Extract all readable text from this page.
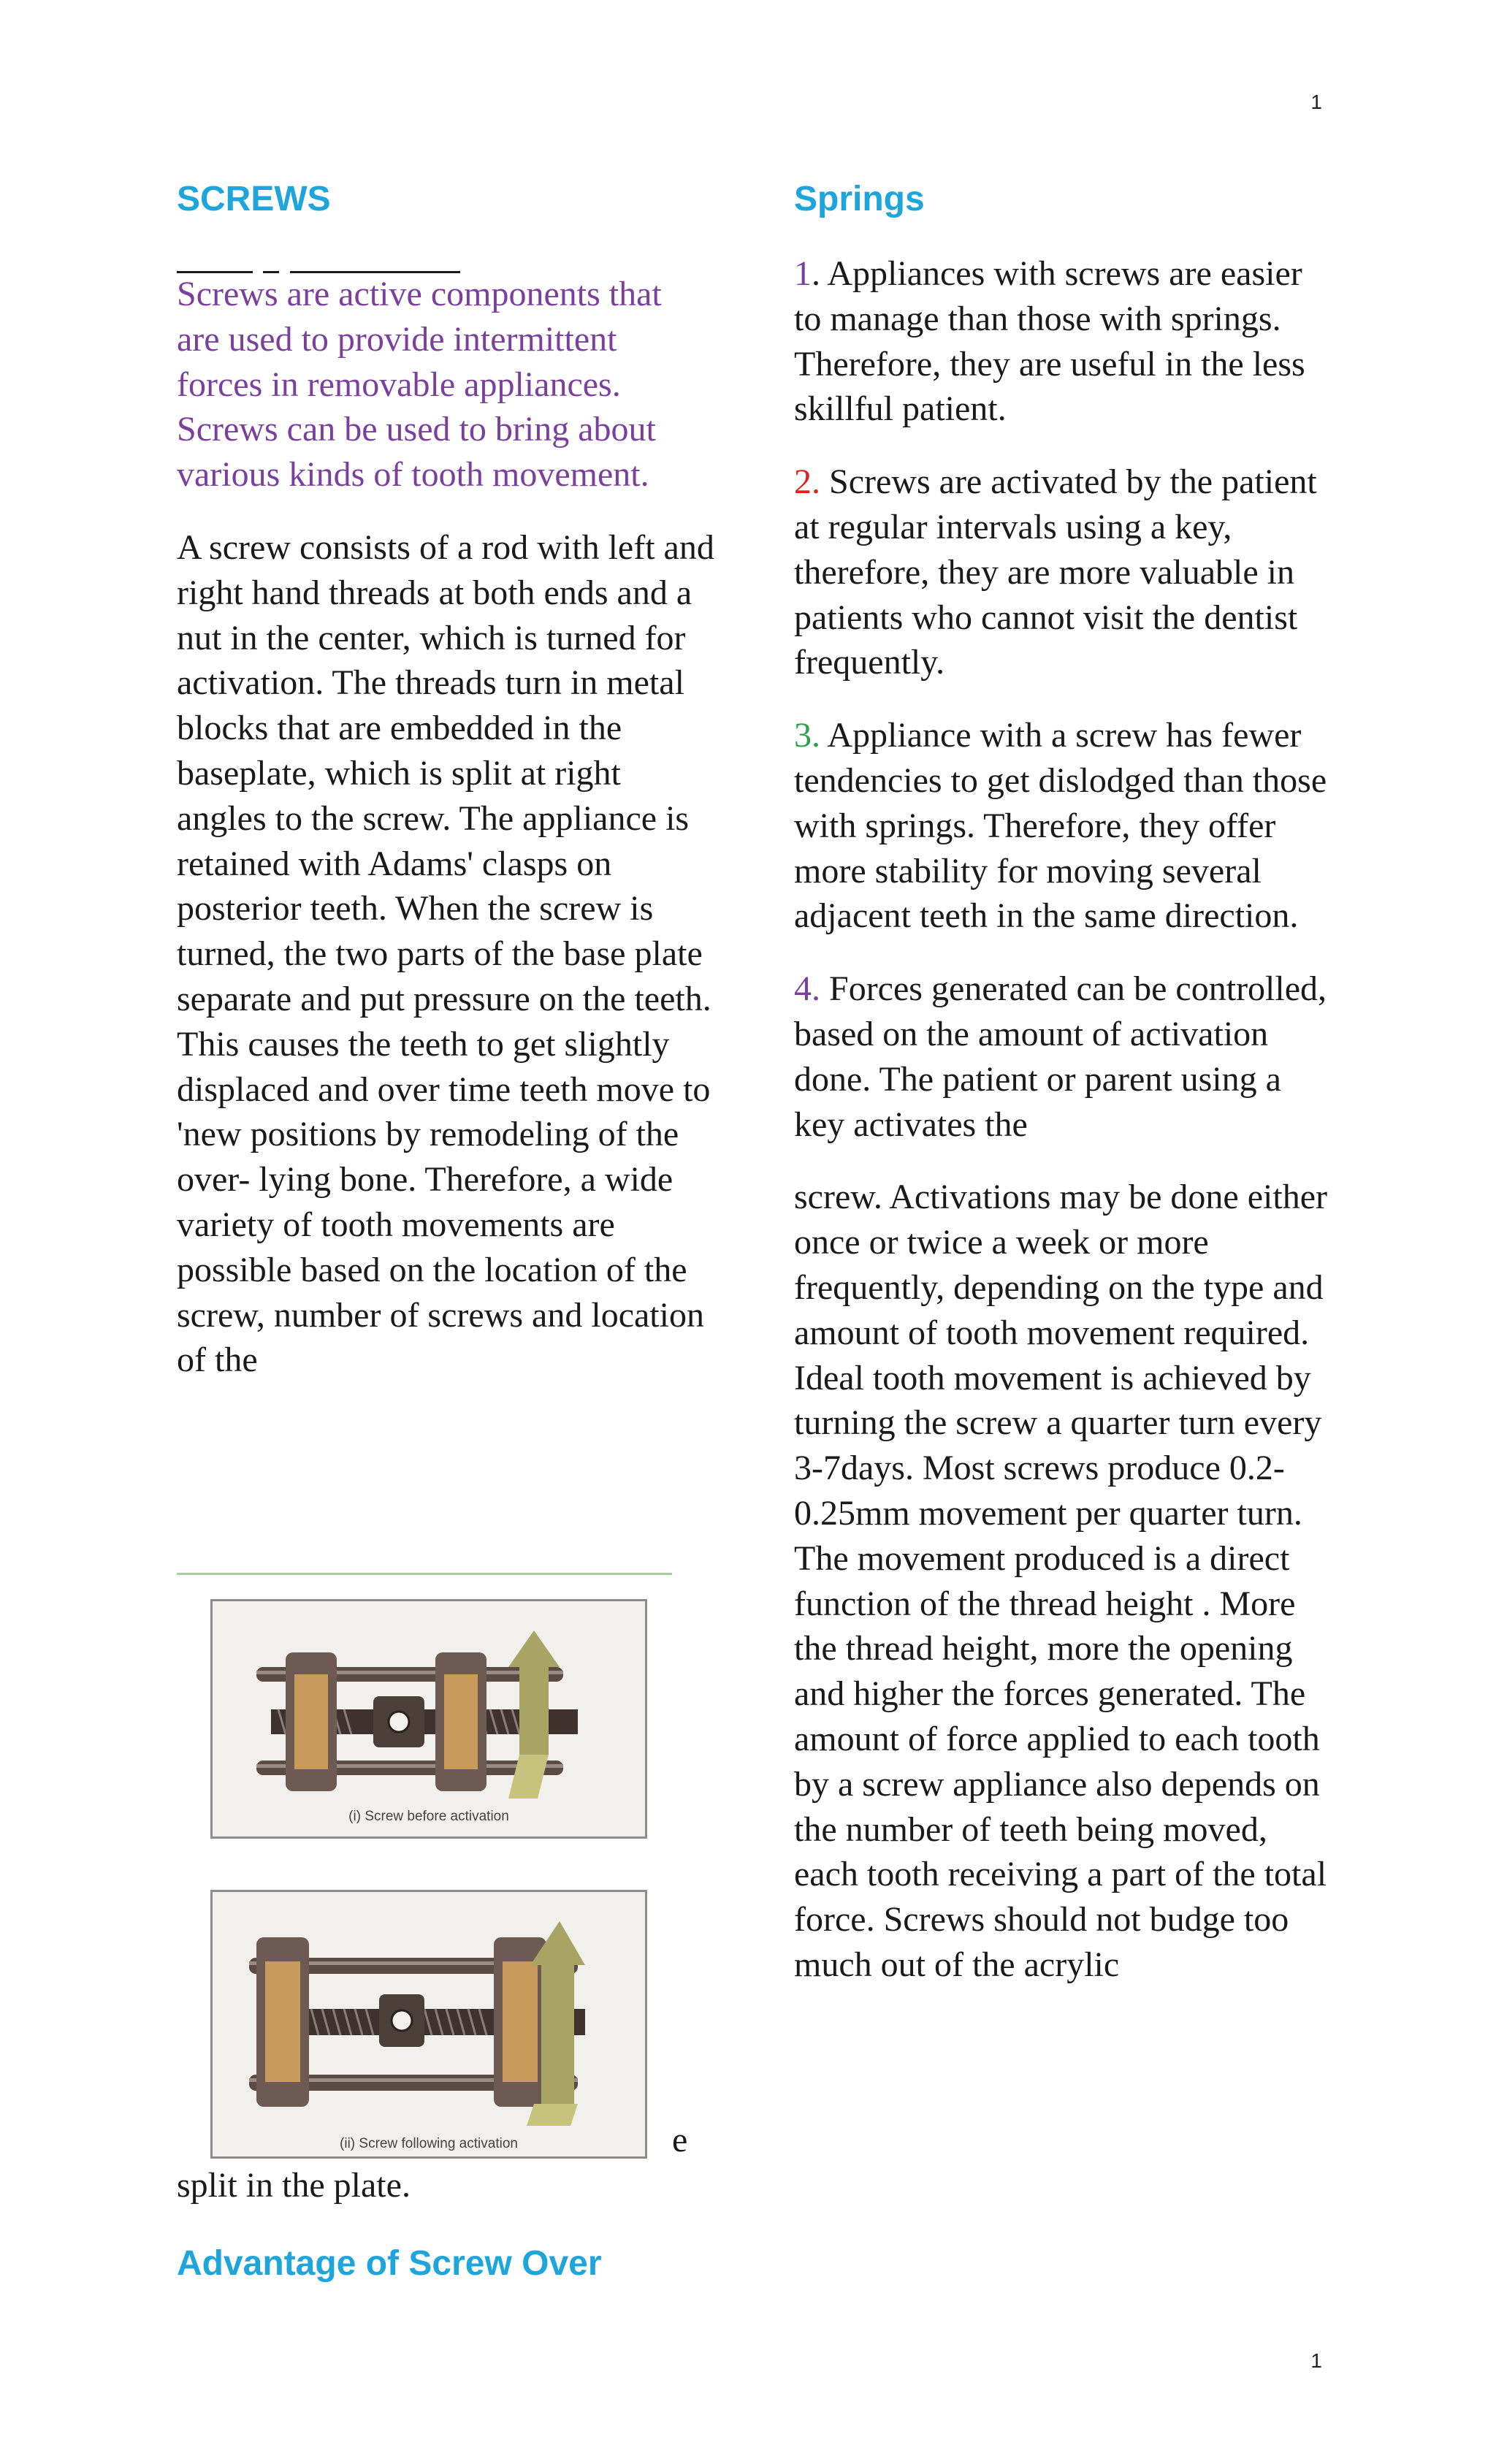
1
SCREWS

Screws are active components that are used to provide intermittent forces in removable appliances. Screws can be used to bring about various kinds of tooth movement.

A screw consists of a rod with left and right hand threads at both ends and a nut in the center, which is turned for activation. The threads turn in metal blocks that are embedded in the baseplate, which is split at right angles to the screw. The appliance is retained with Adams' clasps on posterior teeth. When the screw is turned, the two parts of the base plate separate and put pressure on the teeth. This causes the teeth to get slightly displaced and over time teeth move to 'new positions by remodeling of the over- lying bone. Therefore, a wide variety of tooth movements are possible based on the location of the screw, number of screws and location of the

(i) Screw before activation
(ii) Screw following activation	e
split in the plate.
Advantage of Screw Over
Springs

1. Appliances with screws are easier to manage than those with springs. Therefore, they are useful in the less skillful patient.

2. Screws are activated by the patient at regular intervals using a key, therefore, they are more valuable in patients who cannot visit the dentist frequently.

3. Appliance with a screw has fewer tendencies to get dislodged than those with springs. Therefore, they offer more stability for moving several adjacent teeth in the same direction.

4. Forces generated can be controlled, based on the amount of activation done. The patient or parent using a key activates the

screw. Activations may be done either once or twice a week or more frequently, depending on the type and amount of tooth movement required. Ideal tooth movement is achieved by turning the screw a quarter turn every 3-7days. Most screws produce 0.2-0.25mm movement per quarter turn. The movement produced is a direct function of the thread height . More the thread height, more the opening and higher the forces generated. The amount of force applied to each tooth by a screw appliance also depends on the number of teeth being moved, each tooth receiving a part of the total force. Screws should not budge too much out of the acrylic

1
